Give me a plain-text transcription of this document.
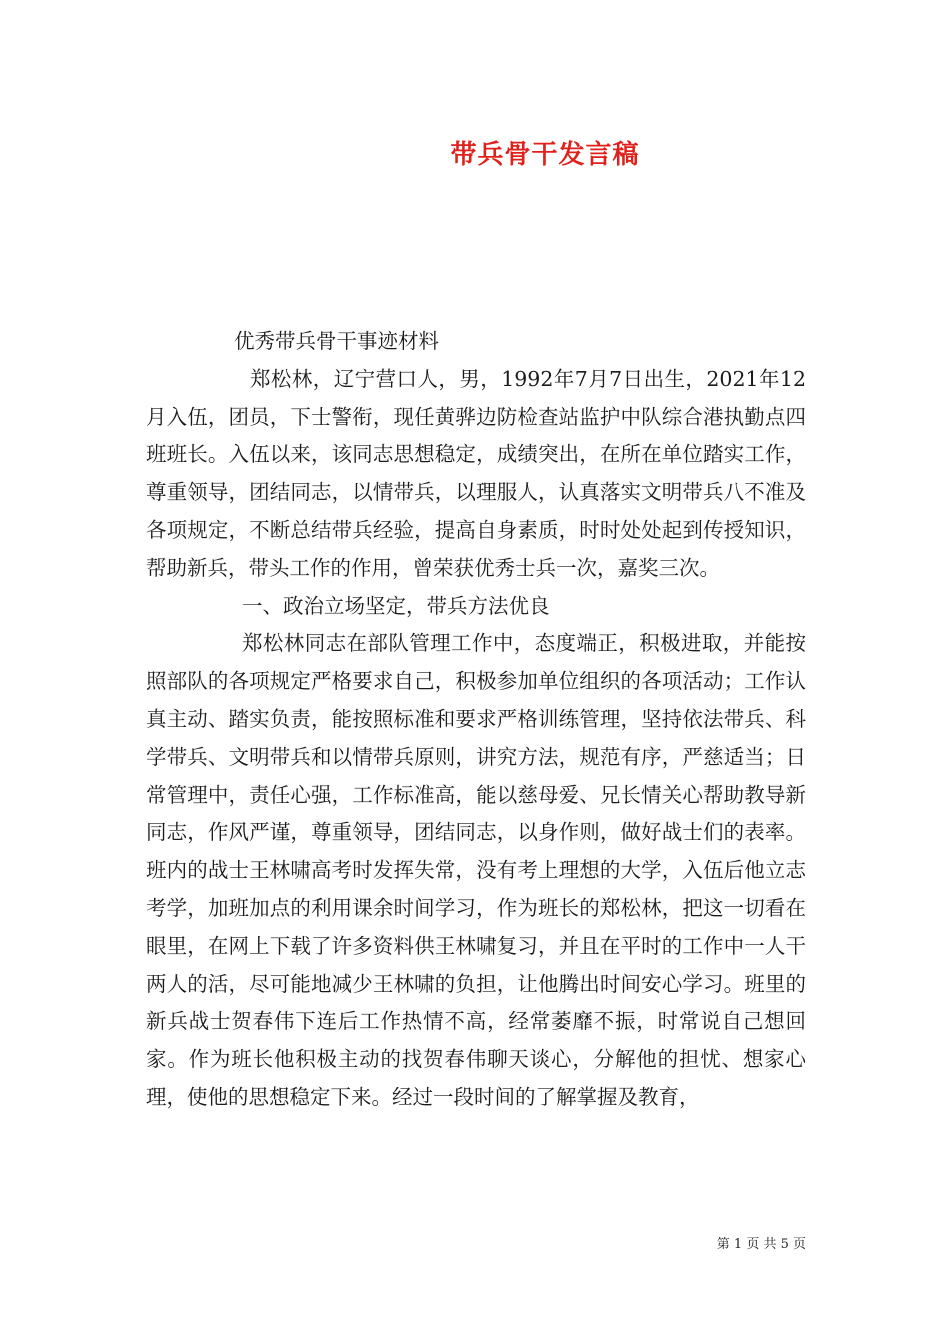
带兵骨干发言稿

优秀带兵骨干事迹材料

郑松林，辽宁营口人，男，1992年7月7日出生，2021年12月入伍，团员，下士警衔，现任黄骅边防检查站监护中队综合港执勤点四班班长。入伍以来，该同志思想稳定，成绩突出，在所在单位踏实工作，尊重领导，团结同志，以情带兵，以理服人，认真落实文明带兵八不准及各项规定，不断总结带兵经验，提高自身素质，时时处处起到传授知识，帮助新兵，带头工作的作用，曾荣获优秀士兵一次，嘉奖三次。

一、政治立场坚定，带兵方法优良

郑松林同志在部队管理工作中，态度端正，积极进取，并能按照部队的各项规定严格要求自己，积极参加单位组织的各项活动；工作认真主动、踏实负责，能按照标准和要求严格训练管理，坚持依法带兵、科学带兵、文明带兵和以情带兵原则，讲究方法，规范有序，严慈适当；日常管理中，责任心强，工作标准高，能以慈母爱、兄长情关心帮助教导新同志，作风严谨，尊重领导，团结同志，以身作则，做好战士们的表率。班内的战士王林啸高考时发挥失常，没有考上理想的大学，入伍后他立志考学，加班加点的利用课余时间学习，作为班长的郑松林，把这一切看在眼里，在网上下载了许多资料供王林啸复习，并且在平时的工作中一人干两人的活，尽可能地减少王林啸的负担，让他腾出时间安心学习。班里的新兵战士贺春伟下连后工作热情不高，经常萎靡不振，时常说自己想回家。作为班长他积极主动的找贺春伟聊天谈心，分解他的担忧、想家心理，使他的思想稳定下来。经过一段时间的了解掌握及教育，

第 1 页 共 5 页
